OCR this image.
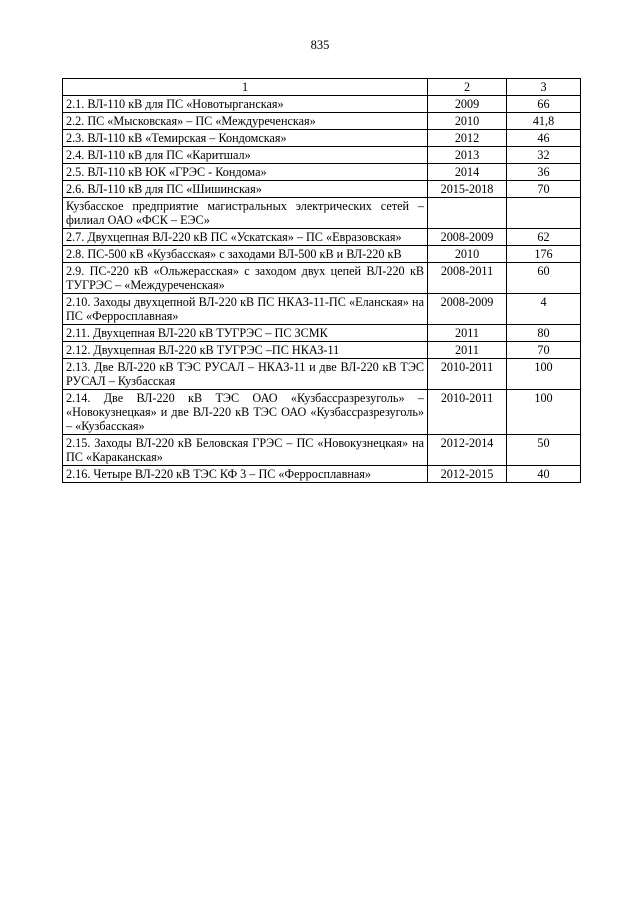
835
1	2	3
2.1. ВЛ-110 кВ для ПС «Новотырганская»	2009	66
2.2. ПС «Мысковская» – ПС «Междуреченская»	2010	41,8
2.3. ВЛ-110 кВ «Темирская – Кондомская»	2012	46
2.4. ВЛ-110 кВ для ПС «Каритшал»	2013	32
2.5. ВЛ-110 кВ ЮК «ГРЭС - Кондома»	2014	36
2.6. ВЛ-110 кВ для ПС «Шишинская»	2015-2018	70
Кузбасское предприятие магистральных электрических сетей – филиал ОАО «ФСК – ЕЭС»		
2.7. Двухцепная ВЛ-220 кВ ПС «Ускатская» – ПС «Евразовская»	2008-2009	62
2.8. ПС-500 кВ «Кузбасская» с заходами ВЛ-500 кВ и ВЛ-220 кВ	2010	176
2.9. ПС-220 кВ «Ольжерасская» с заходом двух цепей ВЛ-220 кВ ТУГРЭС – «Междуреченская»	2008-2011	60
2.10. Заходы двухцепной ВЛ-220 кВ ПС НКАЗ-11-ПС «Еланская» на ПС «Ферросплавная»	2008-2009	4
2.11. Двухцепная ВЛ-220 кВ ТУГРЭС – ПС ЗСМК	2011	80
2.12. Двухцепная ВЛ-220 кВ ТУГРЭС –ПС НКАЗ-11	2011	70
2.13. Две ВЛ-220 кВ ТЭС РУСАЛ – НКАЗ-11 и две ВЛ-220 кВ ТЭС РУСАЛ – Кузбасская	2010-2011	100
2.14. Две ВЛ-220 кВ ТЭС ОАО «Кузбассразрезуголь» – «Новокузнецкая» и две ВЛ-220 кВ ТЭС ОАО «Кузбассразрезуголь» – «Кузбасская»	2010-2011	100
2.15. Заходы ВЛ-220 кВ Беловская ГРЭС – ПС «Новокузнецкая» на ПС «Караканская»	2012-2014	50
2.16. Четыре ВЛ-220 кВ ТЭС КФ 3 – ПС «Ферросплавная»	2012-2015	40
